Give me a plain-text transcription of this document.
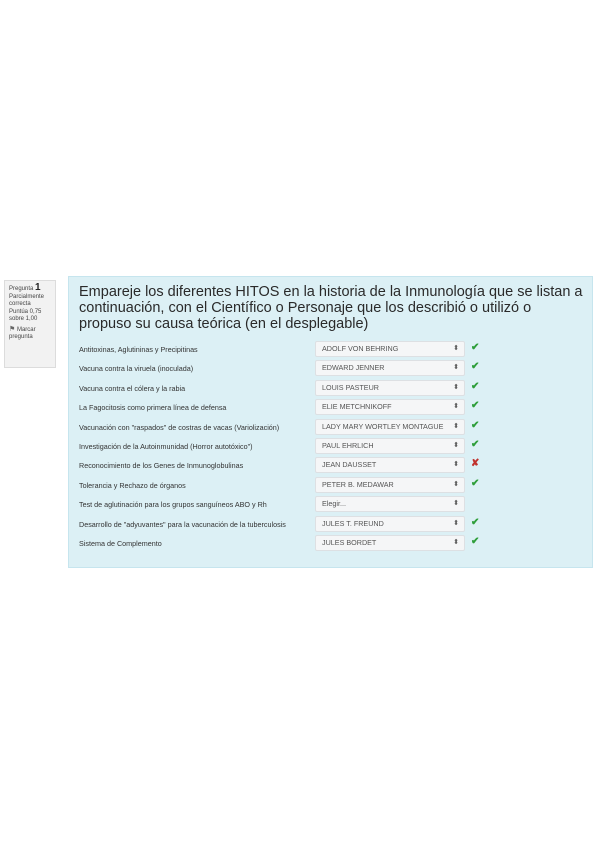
Pregunta 1
Parcialmente correcta
Puntúa 0,75 sobre 1,00
⚑ Marcar pregunta
Empareje los diferentes HITOS en la historia de la Inmunología que se listan a continuación, con el Científico o Personaje que los describió o utilizó o propuso su causa teórica (en el desplegable)
Antitoxinas, Aglutininas y Precipitinas	ADOLF VON BEHRING	⬍ ✔
Vacuna contra la viruela (inoculada)	EDWARD JENNER	⬍ ✔
Vacuna contra el cólera y la rabia	LOUIS PASTEUR	⬍ ✔
La Fagocitosis como primera línea de defensa	ELIE METCHNIKOFF	⬍ ✔
Vacunación con "raspados" de costras de vacas (Variolización)	LADY MARY WORTLEY MONTAGUE ⬍ ✔
Investigación de la Autoinmunidad (Horror autotóxico")	PAUL EHRLICH	⬍ ✔
Reconocimiento de los Genes de Inmunoglobulinas	JEAN DAUSSET	⬍ ✘
Tolerancia y Rechazo de órganos	PETER B. MEDAWAR	⬍ ✔
Test de aglutinación para los grupos sanguíneos ABO y Rh	Elegir...	⬍
Desarrollo de "adyuvantes" para la vacunación de la tuberculosis	JULES T. FREUND	⬍ ✔
Sistema de Complemento	JULES BORDET	⬍ ✔
